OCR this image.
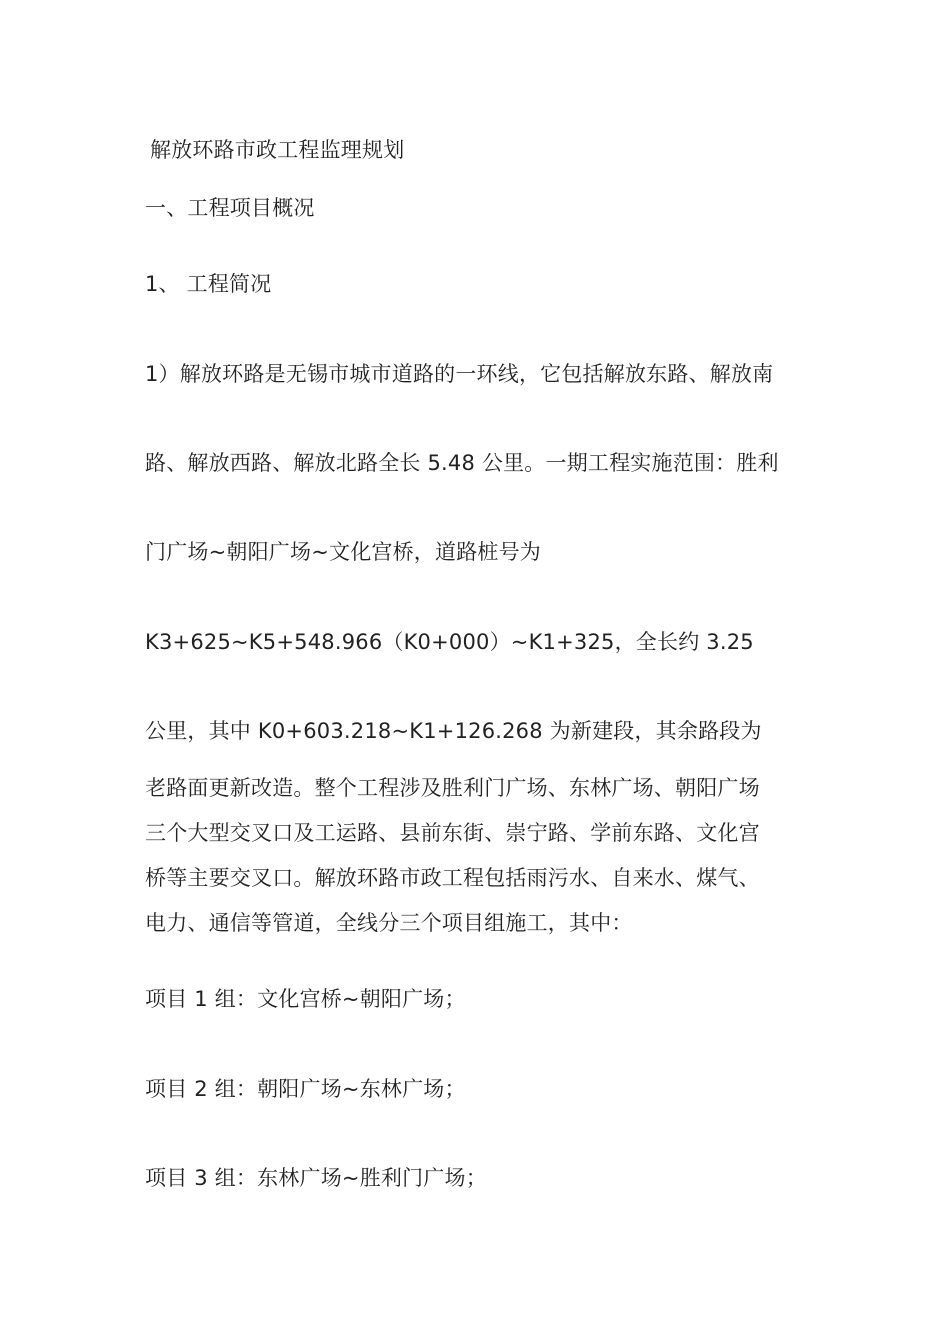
解放环路市政工程监理规划
一、工程项目概况
1、 工程简况
1）解放环路是无锡市城市道路的一环线，它包括解放东路、解放南
路、解放西路、解放北路全长 5.48 公里。一期工程实施范围：胜利
门广场~朝阳广场~文化宫桥，道路桩号为
K3+625~K5+548.966（K0+000）~K1+325，全长约 3.25
公里，其中 K0+603.218~K1+126.268 为新建段，其余路段为
老路面更新改造。整个工程涉及胜利门广场、东林广场、朝阳广场
三个大型交叉口及工运路、县前东街、崇宁路、学前东路、文化宫
桥等主要交叉口。解放环路市政工程包括雨污水、自来水、煤气、
电力、通信等管道，全线分三个项目组施工，其中：
项目 1 组：文化宫桥~朝阳广场；
项目 2 组：朝阳广场~东林广场；
项目 3 组：东林广场~胜利门广场；
